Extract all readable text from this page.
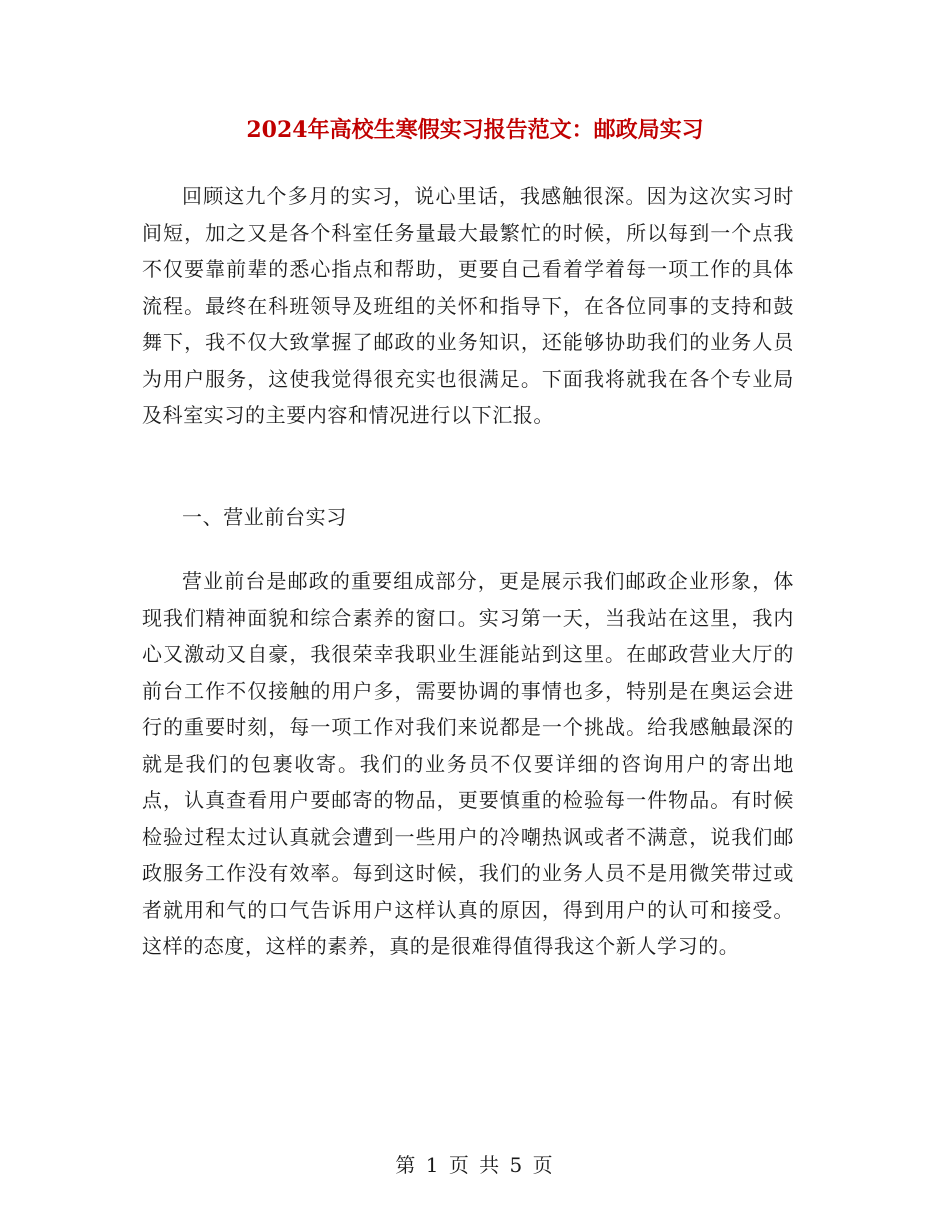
2024年高校生寒假实习报告范文：邮政局实习

回顾这九个多月的实习，说心里话，我感触很深。因为这次实习时间短，加之又是各个科室任务量最大最繁忙的时候，所以每到一个点我不仅要靠前辈的悉心指点和帮助，更要自己看着学着每一项工作的具体流程。最终在科班领导及班组的关怀和指导下，在各位同事的支持和鼓舞下，我不仅大致掌握了邮政的业务知识，还能够协助我们的业务人员为用户服务，这使我觉得很充实也很满足。下面我将就我在各个专业局及科室实习的主要内容和情况进行以下汇报。

一、营业前台实习

营业前台是邮政的重要组成部分，更是展示我们邮政企业形象，体现我们精神面貌和综合素养的窗口。实习第一天，当我站在这里，我内心又激动又自豪，我很荣幸我职业生涯能站到这里。在邮政营业大厅的前台工作不仅接触的用户多，需要协调的事情也多，特别是在奥运会进行的重要时刻，每一项工作对我们来说都是一个挑战。给我感触最深的就是我们的包裹收寄。我们的业务员不仅要详细的咨询用户的寄出地点，认真查看用户要邮寄的物品，更要慎重的检验每一件物品。有时候检验过程太过认真就会遭到一些用户的冷嘲热讽或者不满意，说我们邮政服务工作没有效率。每到这时候，我们的业务人员不是用微笑带过或者就用和气的口气告诉用户这样认真的原因，得到用户的认可和接受。这样的态度，这样的素养，真的是很难得值得我这个新人学习的。

第 1 页 共 5 页
